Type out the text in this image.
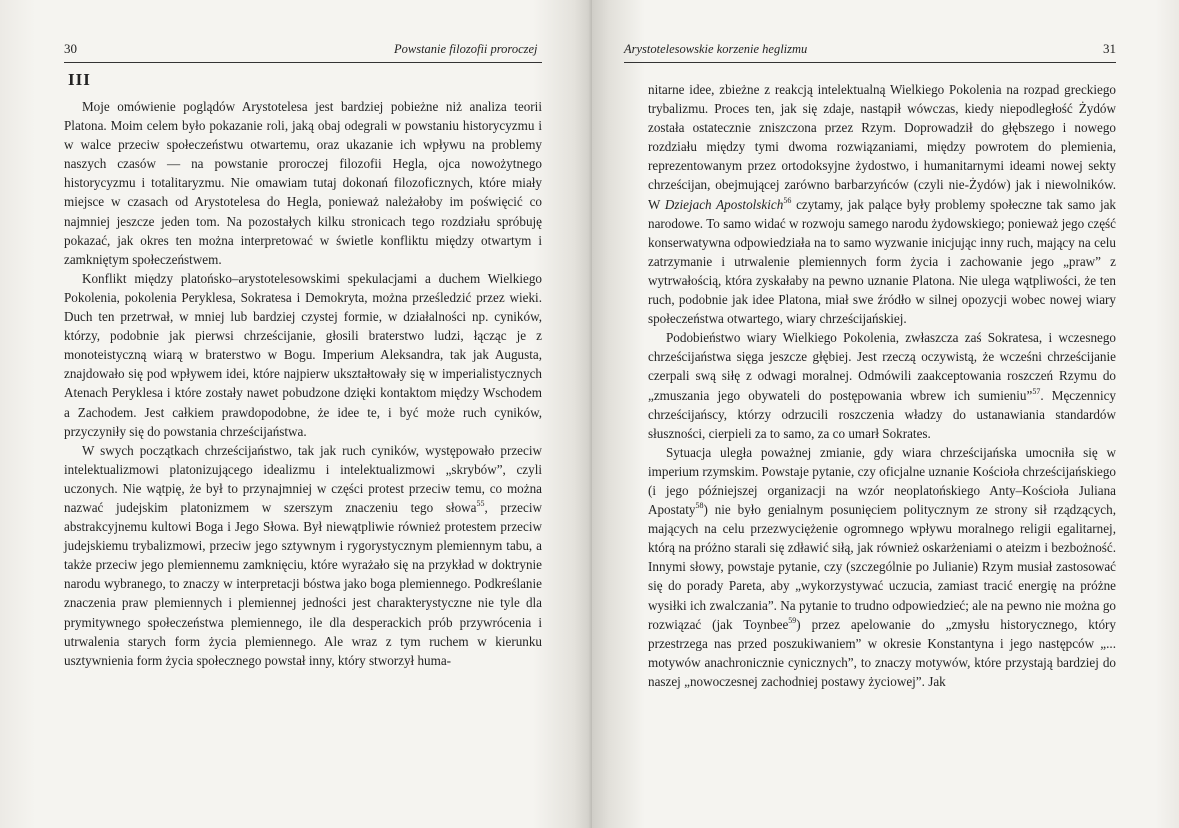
30	Powstanie filozofii proroczej
III

Moje omówienie poglądów Arystotelesa jest bardziej pobieżne niż analiza teorii Platona. Moim celem było pokazanie roli, jaką obaj odegrali w powstaniu historycyzmu i w walce przeciw społeczeństwu otwartemu, oraz ukazanie ich wpływu na problemy naszych czasów — na powstanie proroczej filozofii Hegla, ojca nowożytnego historycyzmu i totalitaryzmu. Nie omawiam tutaj dokonań filozoficznych, które miały miejsce w czasach od Arystotelesa do Hegla, ponieważ należałoby im poświęcić co najmniej jeszcze jeden tom. Na pozostałych kilku stronicach tego rozdziału spróbuję pokazać, jak okres ten można interpretować w świetle konfliktu między otwartym i zamkniętym społeczeństwem.

Konflikt między platońsko–arystotelesowskimi spekulacjami a duchem Wielkiego Pokolenia, pokolenia Peryklesa, Sokratesa i Demokryta, można prześledzić przez wieki. Duch ten przetrwał, w mniej lub bardziej czystej formie, w działalności np. cyników, którzy, podobnie jak pierwsi chrześcijanie, głosili braterstwo ludzi, łącząc je z monoteistyczną wiarą w braterstwo w Bogu. Imperium Aleksandra, tak jak Augusta, znajdowało się pod wpływem idei, które najpierw ukształtowały się w imperialistycznych Atenach Peryklesa i które zostały nawet pobudzone dzięki kontaktom między Wschodem a Zachodem. Jest całkiem prawdopodobne, że idee te, i być może ruch cyników, przyczyniły się do powstania chrześcijaństwa.

W swych początkach chrześcijaństwo, tak jak ruch cyników, występowało przeciw intelektualizmowi platonizującego idealizmu i intelektualizmowi „skrybów”, czyli uczonych. Nie wątpię, że był to przynajmniej w części protest przeciw temu, co można nazwać judejskim platonizmem w szerszym znaczeniu tego słowa$^{55}$, przeciw abstrakcyjnemu kultowi Boga i Jego Słowa. Był niewątpliwie również protestem przeciw judejskiemu trybalizmowi, przeciw jego sztywnym i rygorystycznym plemiennym tabu, a także przeciw jego plemiennemu zamknięciu, które wyrażało się na przykład w doktrynie narodu wybranego, to znaczy w interpretacji bóstwa jako boga plemiennego. Podkreślanie znaczenia praw plemiennych i plemiennej jedności jest charakterystyczne nie tyle dla prymitywnego społeczeństwa plemiennego, ile dla desperackich prób przywrócenia i utrwalenia starych form życia plemiennego. Ale wraz z tym ruchem w kierunku usztywnienia form życia społecznego powstał inny, który stworzył huma-

Arystotelesowskie korzenie heglizmu	31

nitarne idee, zbieżne z reakcją intelektualną Wielkiego Pokolenia na rozpad greckiego trybalizmu. Proces ten, jak się zdaje, nastąpił wówczas, kiedy niepodległość Żydów została ostatecznie zniszczona przez Rzym. Doprowadził do głębszego i nowego rozdziału między tymi dwoma rozwiązaniami, między powrotem do plemienia, reprezentowanym przez ortodoksyjne żydostwo, i humanitarnymi ideami nowej sekty chrześcijan, obejmującej zarówno barbarzyńców (czyli nie-Żydów) jak i niewolników. W Dziejach Apostolskich$^{56}$ czytamy, jak palące były problemy społeczne tak samo jak narodowe. To samo widać w rozwoju samego narodu żydowskiego; ponieważ jego część konserwatywna odpowiedziała na to samo wyzwanie inicjując inny ruch, mający na celu zatrzymanie i utrwalenie plemiennych form życia i zachowanie jego „praw” z wytrwałością, która zyskałaby na pewno uznanie Platona. Nie ulega wątpliwości, że ten ruch, podobnie jak idee Platona, miał swe źródło w silnej opozycji wobec nowej wiary społeczeństwa otwartego, wiary chrześcijańskiej.

Podobieństwo wiary Wielkiego Pokolenia, zwłaszcza zaś Sokratesa, i wczesnego chrześcijaństwa sięga jeszcze głębiej. Jest rzeczą oczywistą, że wcześni chrześcijanie czerpali swą siłę z odwagi moralnej. Odmówili zaakceptowania roszczeń Rzymu do „zmuszania jego obywateli do postępowania wbrew ich sumieniu”$^{57}$. Męczennicy chrześcijańscy, którzy odrzucili roszczenia władzy do ustanawiania standardów słuszności, cierpieli za to samo, za co umarł Sokrates.

Sytuacja uległa poważnej zmianie, gdy wiara chrześcijańska umocniła się w imperium rzymskim. Powstaje pytanie, czy oficjalne uznanie Kościoła chrześcijańskiego (i jego późniejszej organizacji na wzór neoplatońskiego Anty–Kościoła Juliana Apostaty$^{58}$) nie było genialnym posunięciem politycznym ze strony sił rządzących, mających na celu przezwyciężenie ogromnego wpływu moralnego religii egalitarnej, którą na próżno starali się zdławić siłą, jak również oskarżeniami o ateizm i bezbożność. Innymi słowy, powstaje pytanie, czy (szczególnie po Julianie) Rzym musiał zastosować się do porady Pareta, aby „wykorzystywać uczucia, zamiast tracić energię na próżne wysiłki ich zwalczania”. Na pytanie to trudno odpowiedzieć; ale na pewno nie można go rozwiązać (jak Toynbee$^{59}$) przez apelowanie do „zmysłu historycznego, który przestrzega nas przed poszukiwaniem” w okresie Konstantyna i jego następców „... motywów anachronicznie cynicznych”, to znaczy motywów, które przystają bardziej do naszej „nowoczesnej zachodniej postawy życiowej”. Jak
